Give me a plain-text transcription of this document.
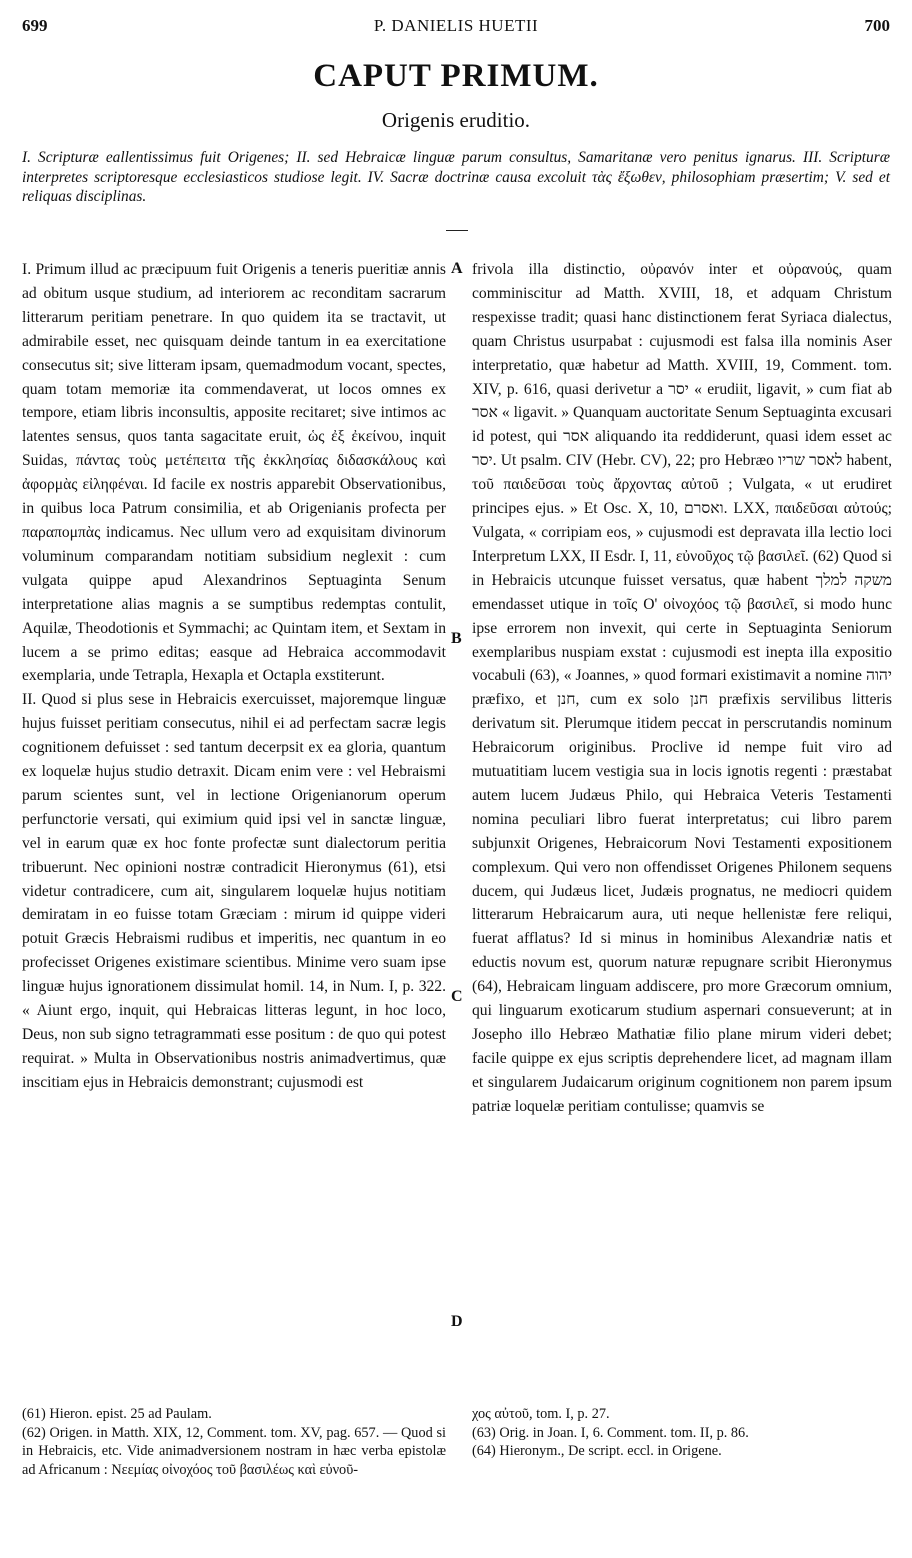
699	P. DANIELIS HUETII	700
CAPUT PRIMUM.
Origenis eruditio.
I. Scripturæ eallentissimus fuit Origenes; II. sed Hebraicæ linguæ parum consultus, Samaritanæ vero penitus ignarus. III. Scripturæ interpretes scriptoresque ecclesiasticos studiose legit. IV. Sacræ doctrinæ causa excoluit τὰς ἔξωθεν, philosophiam præsertim; V. sed et reliquas disciplinas.

I. Primum illud ac præcipuum fuit Origenis a teneris pueritiæ annis ad obitum usque studium, ad interiorem ac reconditam sacrarum litterarum peritiam penetrare. In quo quidem ita se tractavit, ut admirabile esset, nec quisquam deinde tantum in ea exercitatione consecutus sit; sive litteram ipsam, quemadmodum vocant, spectes, quam totam memoriæ ita commendaverat, ut locos omnes ex tempore, etiam libris inconsultis, apposite recitaret; sive intimos ac latentes sensus, quos tanta sagacitate eruit, ὡς ἐξ ἐκείνου, inquit Suidas, πάντας τοὺς μετέπειτα τῆς ἐκκλησίας διδασκάλους καὶ ἀφορμὰς εἰληφέναι. Id facile ex nostris apparebit Observationibus, in quibus loca Patrum consimilia, et ab Origenianis profecta per παραπομπὰς indicamus. Nec ullum vero ad exquisitam divinorum voluminum comparandam notitiam subsidium neglexit : cum vulgata quippe apud Alexandrinos Septuaginta Senum interpretatione alias magnis a se sumptibus redemptas contulit, Aquilæ, Theodotionis et Symmachi; ac Quintam item, et Sextam in lucem a se primo editas; easque ad Hebraica accommodavit exemplaria, unde Tetrapla, Hexapla et Octapla exstiterunt.

II. Quod si plus sese in Hebraicis exercuisset, majoremque linguæ hujus fuisset peritiam consecutus, nihil ei ad perfectam sacræ legis cognitionem defuisset : sed tantum decerpsit ex ea gloria, quantum ex loquelæ hujus studio detraxit. Dicam enim vere : vel Hebraismi parum scientes sunt, vel in lectione Origenianorum operum perfunctorie versati, qui eximium quid ipsi vel in sanctæ linguæ, vel in earum quæ ex hoc fonte profectæ sunt dialectorum peritia tribuerunt. Nec opinioni nostræ contradicit Hieronymus (61), etsi videtur contradicere, cum ait, singularem loquelæ hujus notitiam demiratam in eo fuisse totam Græciam : mirum id quippe videri potuit Græcis Hebraismi rudibus et imperitis, nec quantum in eo profecisset Origenes existimare scientibus. Minime vero suam ipse linguæ hujus ignorationem dissimulat homil. 14, in Num. I, p. 322. « Aiunt ergo, inquit, qui Hebraicas litteras legunt, in hoc loco, Deus, non sub signo tetragrammati esse positum : de quo qui potest requirat. » Multa in Observationibus nostris animadvertimus, quæ inscitiam ejus in Hebraicis demonstrant; cujusmodi est

frivola illa distinctio, οὐρανόν inter et οὐρανούς, quam comminiscitur ad Matth. XVIII, 18, et adquam Christum respexisse tradit; quasi hanc distinctionem ferat Syriaca dialectus, quam Christus usurpabat : cujusmodi est falsa illa nominis Aser interpretatio, quæ habetur ad Matth. XVIII, 19, Comment. tom. XIV, p. 616, quasi derivetur a יסר « erudiit, ligavit, » cum fiat ab אסר « ligavit. » Quanquam auctoritate Senum Septuaginta excusari id potest, qui אסר aliquando ita reddiderunt, quasi idem esset ac יסר. Ut psalm. CIV (Hebr. CV), 22; pro Hebræo לאסר שריו habent, τοῦ παιδεῦσαι τοὺς ἄρχοντας αὐτοῦ ; Vulgata, « ut erudiret principes ejus. » Et Osc. X, 10, ואסרם. LXX, παιδεῦσαι αὐτούς; Vulgata, « corripiam eos, » cujusmodi est depravata illa lectio loci Interpretum LXX, II Esdr. I, 11, εὐνοῦχος τῷ βασιλεῖ. (62) Quod si in Hebraicis utcunque fuisset versatus, quæ habent משקה למלך emendasset utique in τοῖς Ο' οἰνοχόος τῷ βασιλεῖ, si modo hunc ipse errorem non invexit, qui certe in Septuaginta Seniorum exemplaribus nuspiam exstat : cujusmodi est inepta illa expositio vocabuli (63), « Joannes, » quod formari existimavit a nomine יהוה præfixo, et חנן, cum ex solo חנן præfixis servilibus litteris derivatum sit. Plerumque itidem peccat in perscrutandis nominum Hebraicorum originibus. Proclive id nempe fuit viro ad mutuatitiam lucem vestigia sua in locis ignotis regenti : præstabat autem lucem Judæus Philo, qui Hebraica Veteris Testamenti nomina peculiari libro fuerat interpretatus; cui libro parem subjunxit Origenes, Hebraicorum Novi Testamenti expositionem complexum. Qui vero non offendisset Origenes Philonem sequens ducem, qui Judæus licet, Judæis prognatus, ne mediocri quidem litterarum Hebraicarum aura, uti neque hellenistæ fere reliqui, fuerat afflatus? Id si minus in hominibus Alexandriæ natis et eductis novum est, quorum naturæ repugnare scribit Hieronymus (64), Hebraicam linguam addiscere, pro more Græcorum omnium, qui linguarum exoticarum studium aspernari consueverunt; at in Josepho illo Hebræo Mathatiæ filio plane mirum videri debet; facile quippe ex ejus scriptis deprehendere licet, ad magnam illam et singularem Judaicarum originum cognitionem non parem ipsum patriæ loquelæ peritiam contulisse; quamvis se

A
B
C
D

(61) Hieron. epist. 25 ad Paulam.

(62) Origen. in Matth. XIX, 12, Comment. tom. XV, pag. 657. — Quod si in Hebraicis, etc. Vide animadversionem nostram in hæc verba epistolæ ad Africanum : Νεεμίας οἰνοχόος τοῦ βασιλέως καὶ εὐνοῦ-

χος αὐτοῦ, tom. I, p. 27.

(63) Orig. in Joan. I, 6. Comment. tom. II, p. 86.

(64) Hieronym., De script. eccl. in Origene.
